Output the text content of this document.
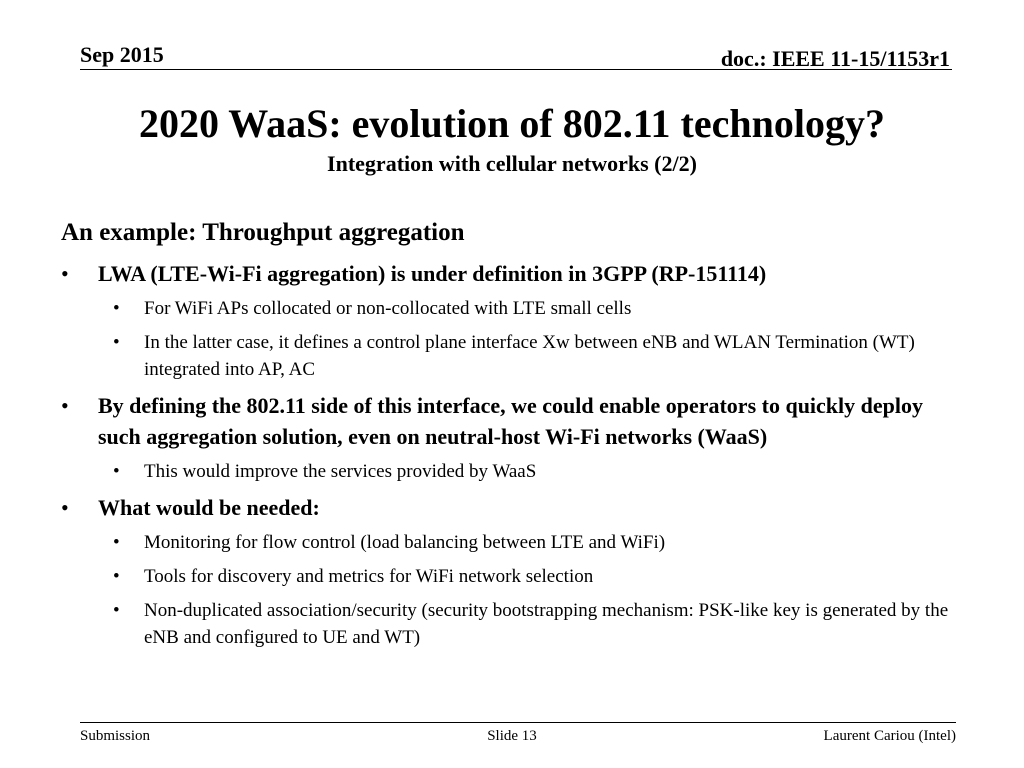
Sep 2015	doc.: IEEE 11-15/1153r1
2020 WaaS: evolution of 802.11 technology?
Integration with cellular networks (2/2)
An example: Throughput aggregation
• LWA (LTE-Wi-Fi aggregation) is under definition in 3GPP (RP-151114)
• For WiFi APs collocated or non-collocated with LTE small cells
• In the latter case, it defines a control plane interface Xw between eNB and WLAN Termination (WT) integrated into AP, AC
• By defining the 802.11 side of this interface, we could enable operators to quickly deploy such aggregation solution, even on neutral-host Wi-Fi networks (WaaS)
• This would improve the services provided by WaaS
• What would be needed:
• Monitoring for flow control (load balancing between LTE and WiFi)
• Tools for discovery and metrics for WiFi network selection
• Non-duplicated association/security (security bootstrapping mechanism: PSK-like key is generated by the eNB and configured to UE and WT)
Submission	Slide 13	Laurent Cariou (Intel)
